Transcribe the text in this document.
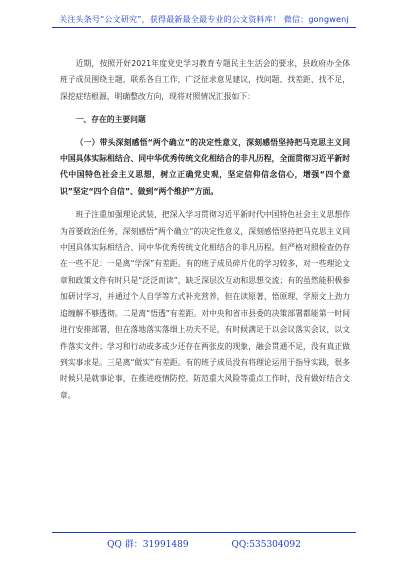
关注头条号“公文研究”，获得最新最全最专业的公文资料库！ 微信：gongwenj

近期，按照开好2021年度党史学习教育专题民主生活会的要求，县政府办全体班子成员围绕主题，联系各自工作，广泛征求意见建议，找问题、找差距、找不足，深挖症结根源，明确整改方向，现将对照情况汇报如下：

一、存在的主要问题

（一）带头深刻感悟“两个确立”的决定性意义，深刻感悟坚持把马克思主义同中国具体实际相结合、同中华优秀传统文化相结合的非凡历程，全面贯彻习近平新时代中国特色社会主义思想，树立正确党史观，坚定信仰信念信心，增强“四个意识”坚定“四个自信”、做到“两个维护”方面。

班子注重加强理论武装，把深入学习贯彻习近平新时代中国特色社会主义思想作为首要政治任务，深刻感悟“两个确立”的决定性意义，深刻感悟坚持把马克思主义同中国具体实际相结合、同中华优秀传统文化相结合的非凡历程。但严格对照检查仍存在一些不足：一是离“学深”有差距。有的班子成员碎片化的学习较多，对一些理论文章和政策文件有时只是“泛泛而读”，缺乏深层次互动和思想交流；有的虽然能积极参加研讨学习，并通过个人自学等方式补充营养，但在读原著、悟原理、学原文上劲力追缠解不够透彻。二是离“悟透”有差距。对中央和省市县委的决策部署都能第一时间进行安排部署，但在落地落实落细上功夫不足，有时候满足于以会议落实会议，以文件落实文件；学习和行动或多或少还存在两张皮的现象，融会贯通不足，没有真正做到实事求是。三是离“做实”有差距。有的班子成员没有将理论运用于指导实践，很多时候只是就事论事，在推进疫情防控、防范重大风险等重点工作时，没有做好结合文章。

QQ 群：31991489	QQ:535304092
